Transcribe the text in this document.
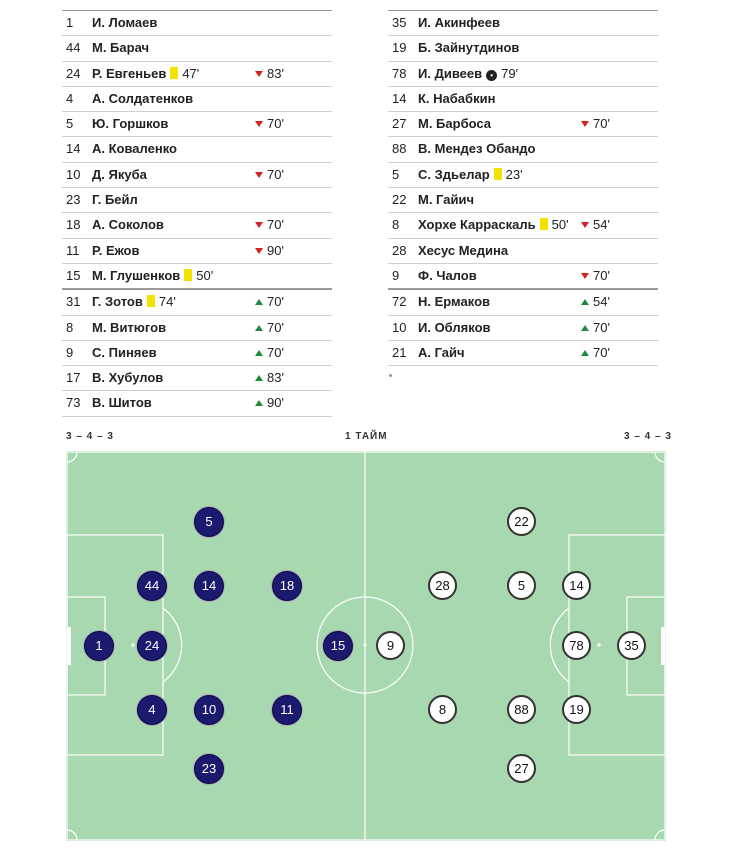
1 И. Ломаев
44 М. Барач
24 Р. Евгеньев 47'	83'
4 А. Солдатенков
5 Ю. Горшков	70'
14 А. Коваленко
10 Д. Якуба	70'
23 Г. Бейл
18 А. Соколов	70'
11 Р. Ежов	90'
15 М. Глушенков 50'
31 Г. Зотов 74'	70'
8 М. Витюгов	70'
9 С. Пиняев	70'
17 В. Хубулов	83'
73 В. Шитов	90'
35 И. Акинфеев
19 Б. Зайнутдинов
78 И. Дивеев • 79'
14 К. Набабкин
27 М. Барбоса	70'
88 В. Мендез Обандо
5 С. Здьелар 23'
22 М. Гайич
8 Хорхе Карраскаль 50'	54'
28 Хесус Медина
9 Ф. Чалов	70'
72 Н. Ермаков	54'
10 И. Обляков	70'
21 А. Гайч	70'
3 – 4 – 3	1 ТАЙМ	3 – 4 – 3
1
44
24
4
5
14
10
23
18
15
11
35
14
78
19
22
5
88
27
28
9
8
